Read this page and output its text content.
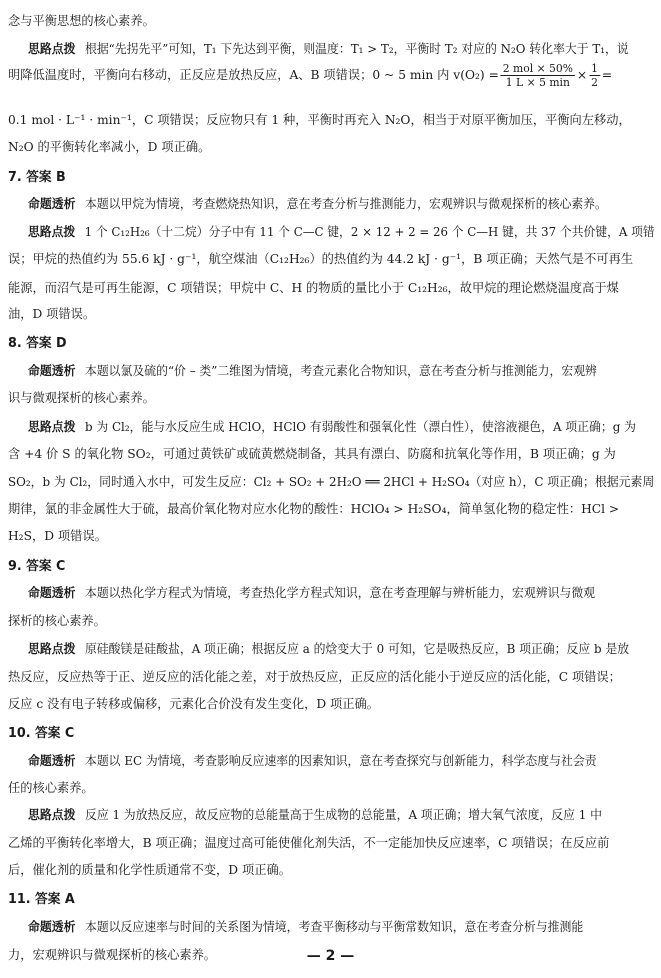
念与平衡思想的核心素养。
思路点拨 根据“先拐先平”可知，T₁ 下先达到平衡，则温度：T₁ > T₂，平衡时 T₂ 对应的 N₂O 转化率大于 T₁，说
明降低温度时，平衡向右移动，正反应是放热反应，A、B 项错误；0 ~ 5 min 内 $v(O_2) = \frac{\text{2 mol × 50\%}}{1 L \times 5 \min} \times \frac{1}{2}$ =
0.1 mol · L⁻¹ · min⁻¹，C 项错误；反应物只有 1 种，平衡时再充入 N₂O，相当于对原平衡加压，平衡向左移动，
N₂O 的平衡转化率减小，D 项正确。
7. 答案 B
命题透析 本题以甲烷为情境，考查燃烧热知识，意在考查分析与推测能力，宏观辨识与微观探析的核心素养。
思路点拨 1 个 C₁₂H₂₆（十二烷）分子中有 11 个 C—C 键，2 × 12 + 2 = 26 个 C—H 键，共 37 个共价键，A 项错
误；甲烷的热值约为 55.6 kJ · g⁻¹，航空煤油（C₁₂H₂₆）的热值约为 44.2 kJ · g⁻¹，B 项正确；天然气是不可再生
能源，而沼气是可再生能源，C 项错误；甲烷中 C、H 的物质的量比小于 C₁₂H₂₆，故甲烷的理论燃烧温度高于煤
油，D 项错误。
8. 答案 D
命题透析 本题以氯及硫的“价 – 类”二维图为情境，考查元素化合物知识，意在考查分析与推测能力，宏观辨
识与微观探析的核心素养。
思路点拨 b 为 Cl₂，能与水反应生成 HClO，HClO 有弱酸性和强氧化性（漂白性），使溶液褪色，A 项正确；g 为
含 +4 价 S 的氧化物 SO₂，可通过黄铁矿或硫黄燃烧制备，其具有漂白、防腐和抗氧化等作用，B 项正确；g 为
SO₂，b 为 Cl₂，同时通入水中，可发生反应：Cl₂ + SO₂ + 2H₂O ══ 2HCl + H₂SO₄（对应 h），C 项正确；根据元素周
期律，氯的非金属性大于硫，最高价氧化物对应水化物的酸性：HClO₄ > H₂SO₄，简单氢化物的稳定性：HCl >
H₂S，D 项错误。
9. 答案 C
命题透析 本题以热化学方程式为情境，考查热化学方程式知识，意在考查理解与辨析能力，宏观辨识与微观
探析的核心素养。
思路点拨 原硅酸镁是硅酸盐，A 项正确；根据反应 a 的焓变大于 0 可知，它是吸热反应，B 项正确；反应 b 是放
热反应，反应热等于正、逆反应的活化能之差，对于放热反应，正反应的活化能小于逆反应的活化能，C 项错误；
反应 c 没有电子转移或偏移，元素化合价没有发生变化，D 项正确。
10. 答案 C
命题透析 本题以 EC 为情境，考查影响反应速率的因素知识，意在考查探究与创新能力，科学态度与社会责
任的核心素养。
思路点拨 反应 1 为放热反应，故反应物的总能量高于生成物的总能量，A 项正确；增大氧气浓度，反应 1 中
乙烯的平衡转化率增大，B 项正确；温度过高可能使催化剂失活，不一定能加快反应速率，C 项错误；在反应前
后，催化剂的质量和化学性质通常不变，D 项正确。
11. 答案 A
命题透析 本题以反应速率与时间的关系图为情境，考查平衡移动与平衡常数知识，意在考查分析与推测能
力，宏观辨识与微观探析的核心素养。	— 2 —
